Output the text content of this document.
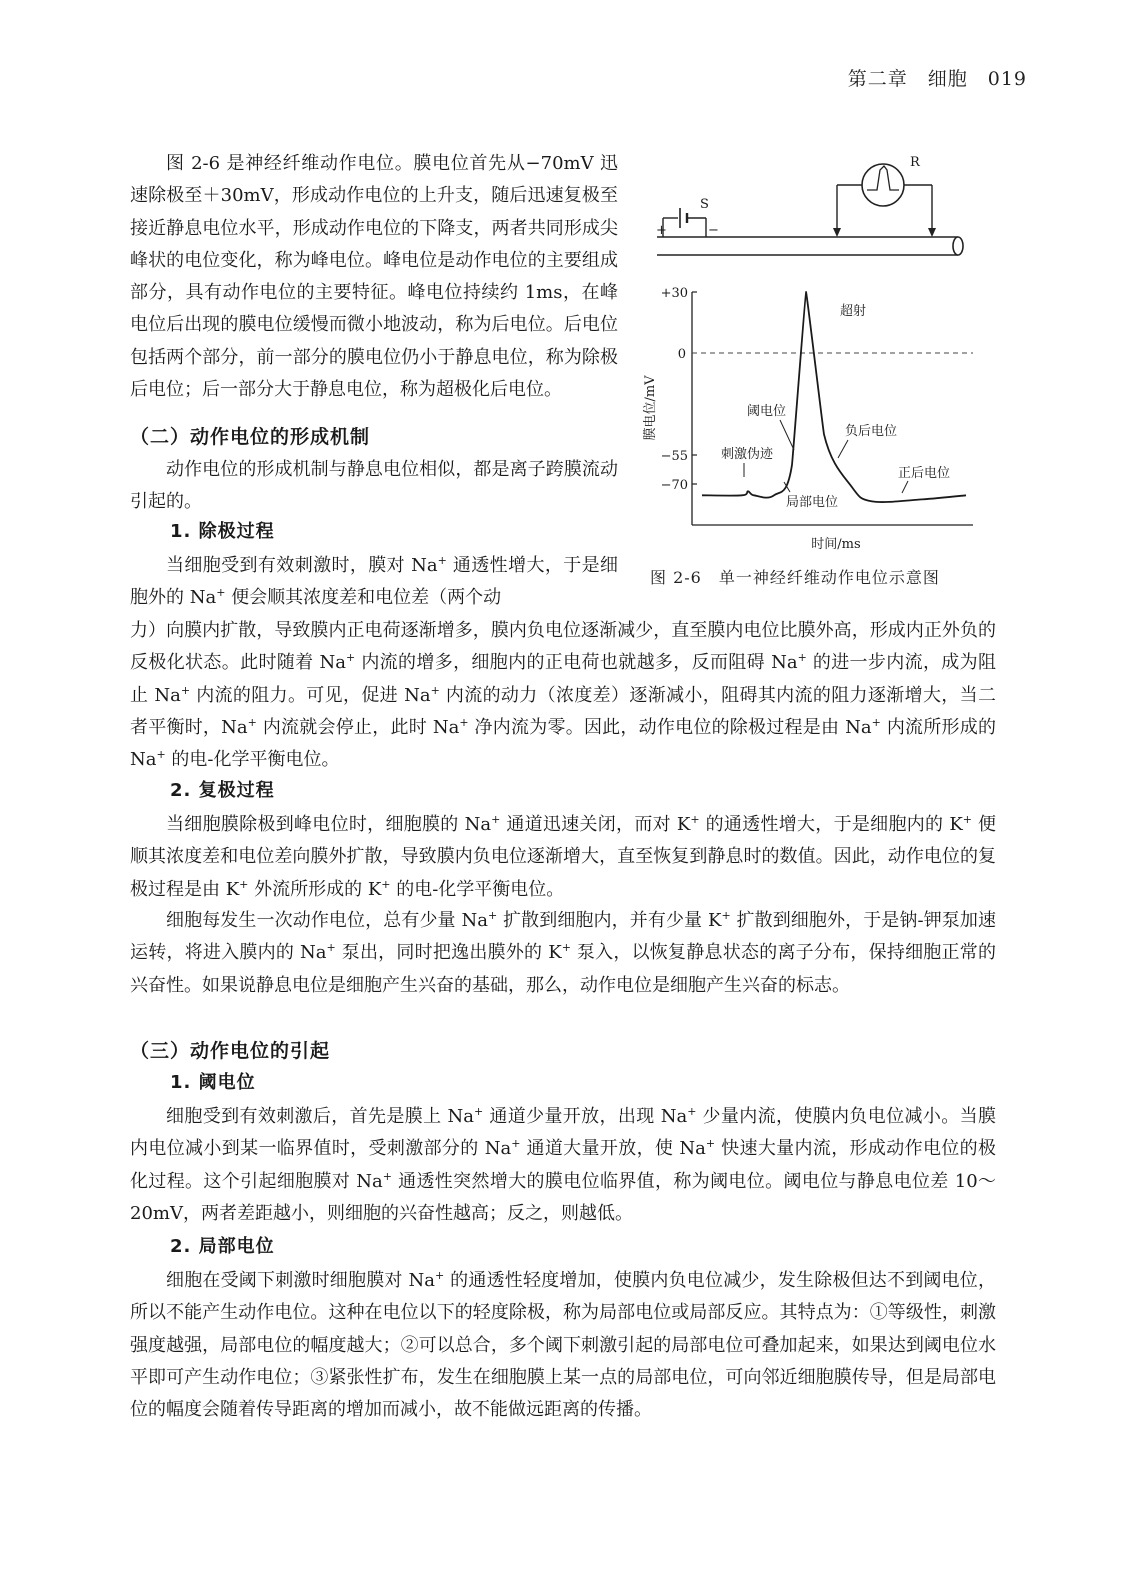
第二章　细胞　019

图 2-6 是神经纤维动作电位。膜电位首先从−70mV 迅速除极至＋30mV，形成动作电位的上升支，随后迅速复极至接近静息电位水平，形成动作电位的下降支，两者共同形成尖峰状的电位变化，称为峰电位。峰电位是动作电位的主要组成部分，具有动作电位的主要特征。峰电位持续约 1ms，在峰电位后出现的膜电位缓慢而微小地波动，称为后电位。后电位包括两个部分，前一部分的膜电位仍小于静息电位，称为除极后电位；后一部分大于静息电位，称为超极化后电位。

（二）动作电位的形成机制

动作电位的形成机制与静息电位相似，都是离子跨膜流动引起的。

1. 除极过程

当细胞受到有效刺激时，膜对 Na+ 通透性增大，于是细胞外的 Na+ 便会顺其浓度差和电位差（两个动

力）向膜内扩散，导致膜内正电荷逐渐增多，膜内负电位逐渐减少，直至膜内电位比膜外高，形成内正外负的反极化状态。此时随着 Na+ 内流的增多，细胞内的正电荷也就越多，反而阻碍 Na+ 的进一步内流，成为阻止 Na+ 内流的阻力。可见，促进 Na+ 内流的动力（浓度差）逐渐减小，阻碍其内流的阻力逐渐增大，当二者平衡时，Na+ 内流就会停止，此时 Na+ 净内流为零。因此，动作电位的除极过程是由 Na+ 内流所形成的 Na+ 的电-化学平衡电位。

2. 复极过程

当细胞膜除极到峰电位时，细胞膜的 Na+ 通道迅速关闭，而对 K+ 的通透性增大，于是细胞内的 K+ 便顺其浓度差和电位差向膜外扩散，导致膜内负电位逐渐增大，直至恢复到静息时的数值。因此，动作电位的复极过程是由 K+ 外流所形成的 K+ 的电-化学平衡电位。

细胞每发生一次动作电位，总有少量 Na+ 扩散到细胞内，并有少量 K+ 扩散到细胞外，于是钠-钾泵加速运转，将进入膜内的 Na+ 泵出，同时把逸出膜外的 K+ 泵入，以恢复静息状态的离子分布，保持细胞正常的兴奋性。如果说静息电位是细胞产生兴奋的基础，那么，动作电位是细胞产生兴奋的标志。

（三）动作电位的引起
1. 阈电位

细胞受到有效刺激后，首先是膜上 Na+ 通道少量开放，出现 Na+ 少量内流，使膜内负电位减小。当膜内电位减小到某一临界值时，受刺激部分的 Na+ 通道大量开放，使 Na+ 快速大量内流，形成动作电位的极化过程。这个引起细胞膜对 Na+ 通透性突然增大的膜电位临界值，称为阈电位。阈电位与静息电位差 10～20mV，两者差距越小，则细胞的兴奋性越高；反之，则越低。

2. 局部电位

细胞在受阈下刺激时细胞膜对 Na+ 的通透性轻度增加，使膜内负电位减少，发生除极但达不到阈电位，所以不能产生动作电位。这种在电位以下的轻度除极，称为局部电位或局部反应。其特点为：①等级性，刺激强度越强，局部电位的幅度越大；②可以总合，多个阈下刺激引起的局部电位可叠加起来，如果达到阈电位水平即可产生动作电位；③紧张性扩布，发生在细胞膜上某一点的局部电位，可向邻近细胞膜传导，但是局部电位的幅度会随着传导距离的增加而减小，故不能做远距离的传播。

S
+	−
R
+30
0
−55
−70
膜电位/mV
时间/ms
超射
阈电位
刺激伪迹
局部电位
负后电位
正后电位

图 2-6　单一神经纤维动作电位示意图
